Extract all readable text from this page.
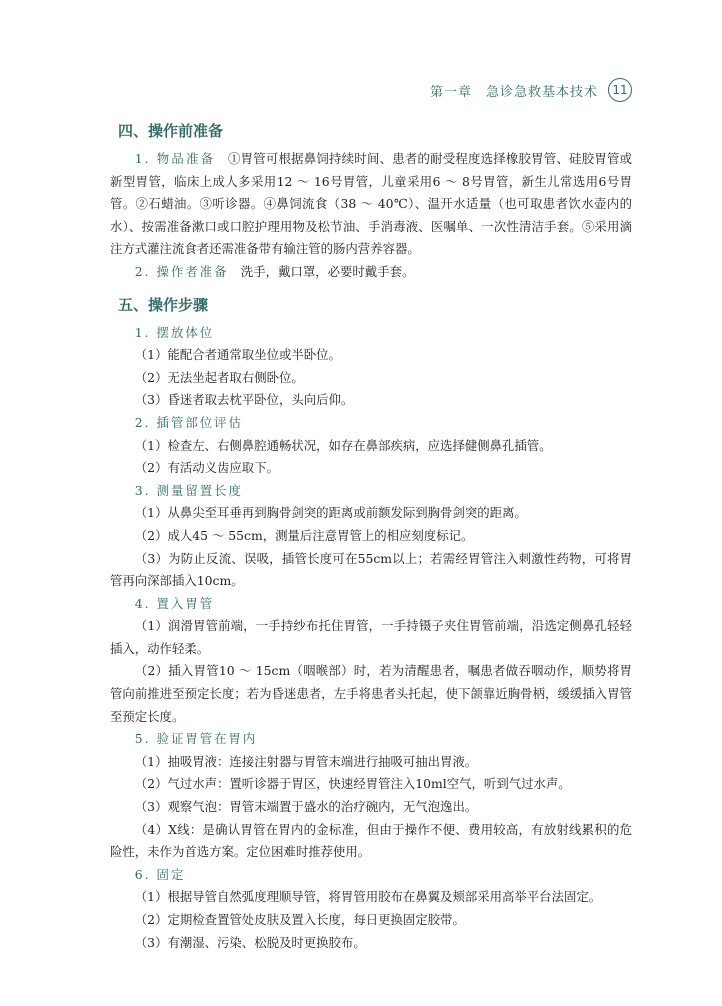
第一章　急诊急救基本技术	11
四、操作前准备

1. 物品准备　①胃管可根据鼻饲持续时间、患者的耐受程度选择橡胶胃管、硅胶胃管或新型胃管，临床上成人多采用12 ～ 16号胃管，儿童采用6 ～ 8号胃管，新生儿常选用6号胃管。②石蜡油。③听诊器。④鼻饲流食（38 ～ 40℃）、温开水适量（也可取患者饮水壶内的水）、按需准备漱口或口腔护理用物及松节油、手消毒液、医嘱单、一次性清洁手套。⑤采用滴注方式灌注流食者还需准备带有输注管的肠内营养容器。

2. 操作者准备　洗手，戴口罩，必要时戴手套。

五、操作步骤

1. 摆放体位

（1）能配合者通常取坐位或半卧位。

（2）无法坐起者取右侧卧位。

（3）昏迷者取去枕平卧位，头向后仰。

2. 插管部位评估

（1）检查左、右侧鼻腔通畅状况，如存在鼻部疾病，应选择健侧鼻孔插管。

（2）有活动义齿应取下。

3. 测量留置长度

（1）从鼻尖至耳垂再到胸骨剑突的距离或前额发际到胸骨剑突的距离。

（2）成人45 ～ 55cm，测量后注意胃管上的相应刻度标记。

（3）为防止反流、误吸，插管长度可在55cm以上；若需经胃管注入刺激性药物，可将胃管再向深部插入10cm。

4. 置入胃管

（1）润滑胃管前端，一手持纱布托住胃管，一手持镊子夹住胃管前端，沿选定侧鼻孔轻轻插入，动作轻柔。

（2）插入胃管10 ～ 15cm（咽喉部）时，若为清醒患者，嘱患者做吞咽动作，顺势将胃管向前推进至预定长度；若为昏迷患者，左手将患者头托起，使下颌靠近胸骨柄，缓缓插入胃管至预定长度。

5. 验证胃管在胃内

（1）抽吸胃液：连接注射器与胃管末端进行抽吸可抽出胃液。

（2）气过水声：置听诊器于胃区，快速经胃管注入10ml空气，听到气过水声。

（3）观察气泡：胃管末端置于盛水的治疗碗内，无气泡逸出。

（4）X线：是确认胃管在胃内的金标准，但由于操作不便、费用较高，有放射线累积的危险性，未作为首选方案。定位困难时推荐使用。

6. 固定

（1）根据导管自然弧度理顺导管，将胃管用胶布在鼻翼及颊部采用高举平台法固定。

（2）定期检查置管处皮肤及置入长度，每日更换固定胶带。

（3）有潮湿、污染、松脱及时更换胶布。
